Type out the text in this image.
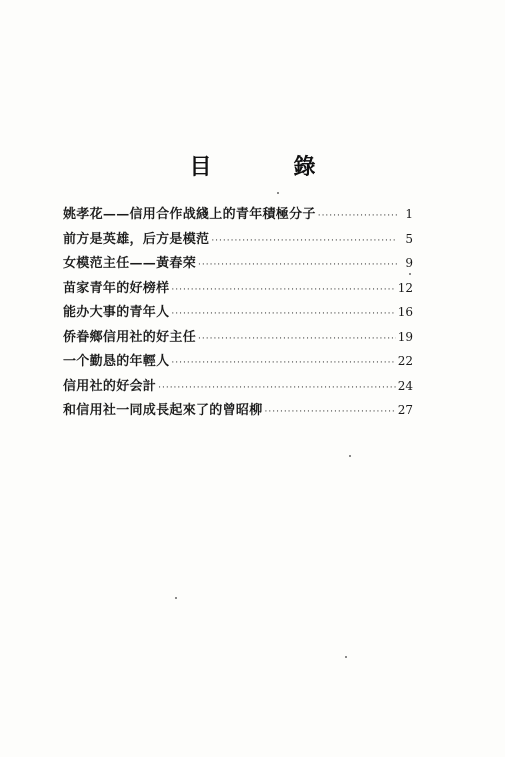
目　錄
姚孝花——信用合作战綫上的青年積極分子 ·····	1
前方是英雄，后方是模范 ·····	5
女模范主任——黃春荣 ·····	9
苗家青年的好榜样 ·····	12
能办大事的青年人 ·····	16
侨眷鄉信用社的好主任 ·····	19
一个勤恳的年輕人 ·····	22
信用社的好会計 ·····	24
和信用社一同成長起來了的曾昭柳 ·····	27
